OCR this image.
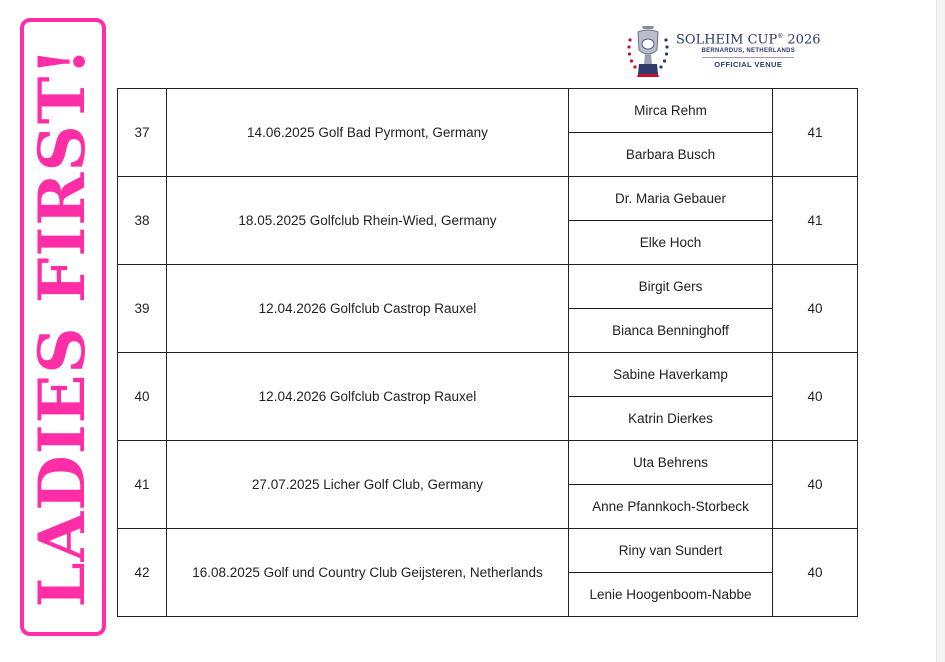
LADIES FIRST!
SOLHEIM CUP® 2026
BERNARDUS, NETHERLANDS
OFFICIAL VENUE
37	14.06.2025 Golf Bad Pyrmont, Germany	Mirca Rehm	41
		Barbara Busch	
38	18.05.2025 Golfclub Rhein-Wied, Germany	Dr. Maria Gebauer	41
		Elke Hoch	
39	12.04.2026 Golfclub Castrop Rauxel	Birgit Gers	40
		Bianca Benninghoff	
40	12.04.2026 Golfclub Castrop Rauxel	Sabine Haverkamp	40
		Katrin Dierkes	
41	27.07.2025 Licher Golf Club, Germany	Uta Behrens	40
		Anne Pfannkoch-Storbeck	
42	16.08.2025 Golf und Country Club Geijsteren, Netherlands	Riny van Sundert	40
		Lenie Hoogenboom-Nabbe	
